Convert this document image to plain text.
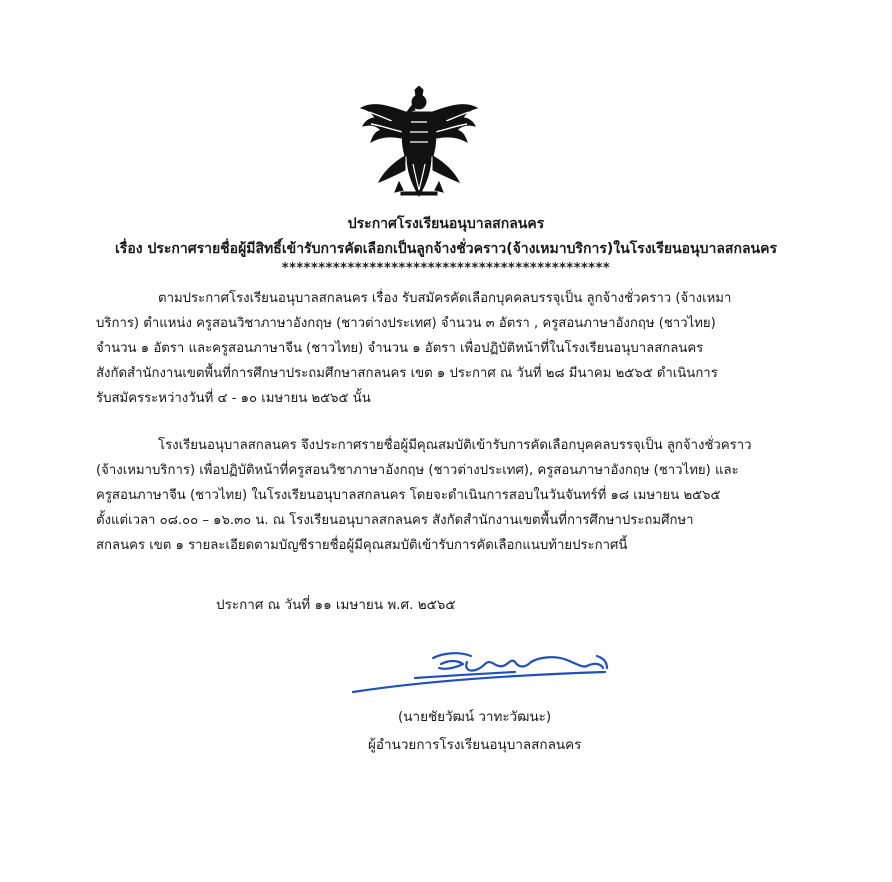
ประกาศโรงเรียนอนุบาลสกลนคร
เรื่อง ประกาศรายชื่อผู้มีสิทธิ์เข้ารับการคัดเลือกเป็นลูกจ้างชั่วคราว(จ้างเหมาบริการ)ในโรงเรียนอนุบาลสกลนคร
*********************************************
ตามประกาศโรงเรียนอนุบาลสกลนคร เรื่อง รับสมัครคัดเลือกบุคคลบรรจุเป็น ลูกจ้างชั่วคราว (จ้างเหมา
บริการ) ตำแหน่ง ครูสอนวิชาภาษาอังกฤษ (ชาวต่างประเทศ) จำนวน ๓ อัตรา , ครูสอนภาษาอังกฤษ (ชาวไทย)
จำนวน ๑ อัตรา และครูสอนภาษาจีน (ชาวไทย) จำนวน ๑ อัตรา เพื่อปฏิบัติหน้าที่ในโรงเรียนอนุบาลสกลนคร
สังกัดสำนักงานเขตพื้นที่การศึกษาประถมศึกษาสกลนคร เขต ๑ ประกาศ ณ วันที่ ๒๘ มีนาคม ๒๕๖๕ ดำเนินการ
รับสมัครระหว่างวันที่ ๔ - ๑๐ เมษายน ๒๕๖๕ นั้น
โรงเรียนอนุบาลสกลนคร จึงประกาศรายชื่อผู้มีคุณสมบัติเข้ารับการคัดเลือกบุคคลบรรจุเป็น ลูกจ้างชั่วคราว
(จ้างเหมาบริการ) เพื่อปฏิบัติหน้าที่ครูสอนวิชาภาษาอังกฤษ (ชาวต่างประเทศ), ครูสอนภาษาอังกฤษ (ชาวไทย) และ
ครูสอนภาษาจีน (ชาวไทย) ในโรงเรียนอนุบาลสกลนคร โดยจะดำเนินการสอบในวันจันทร์ที่ ๑๘ เมษายน ๒๕๖๕
ตั้งแต่เวลา ๐๘.๐๐ – ๑๖.๓๐ น. ณ โรงเรียนอนุบาลสกลนคร สังกัดสำนักงานเขตพื้นที่การศึกษาประถมศึกษา
สกลนคร เขต ๑ รายละเอียดตามบัญชีรายชื่อผู้มีคุณสมบัติเข้ารับการคัดเลือกแนบท้ายประกาศนี้
ประกาศ ณ วันที่ ๑๑ เมษายน พ.ศ. ๒๕๖๕
(นายชัยวัฒน์ วาทะวัฒนะ)
ผู้อำนวยการโรงเรียนอนุบาลสกลนคร
